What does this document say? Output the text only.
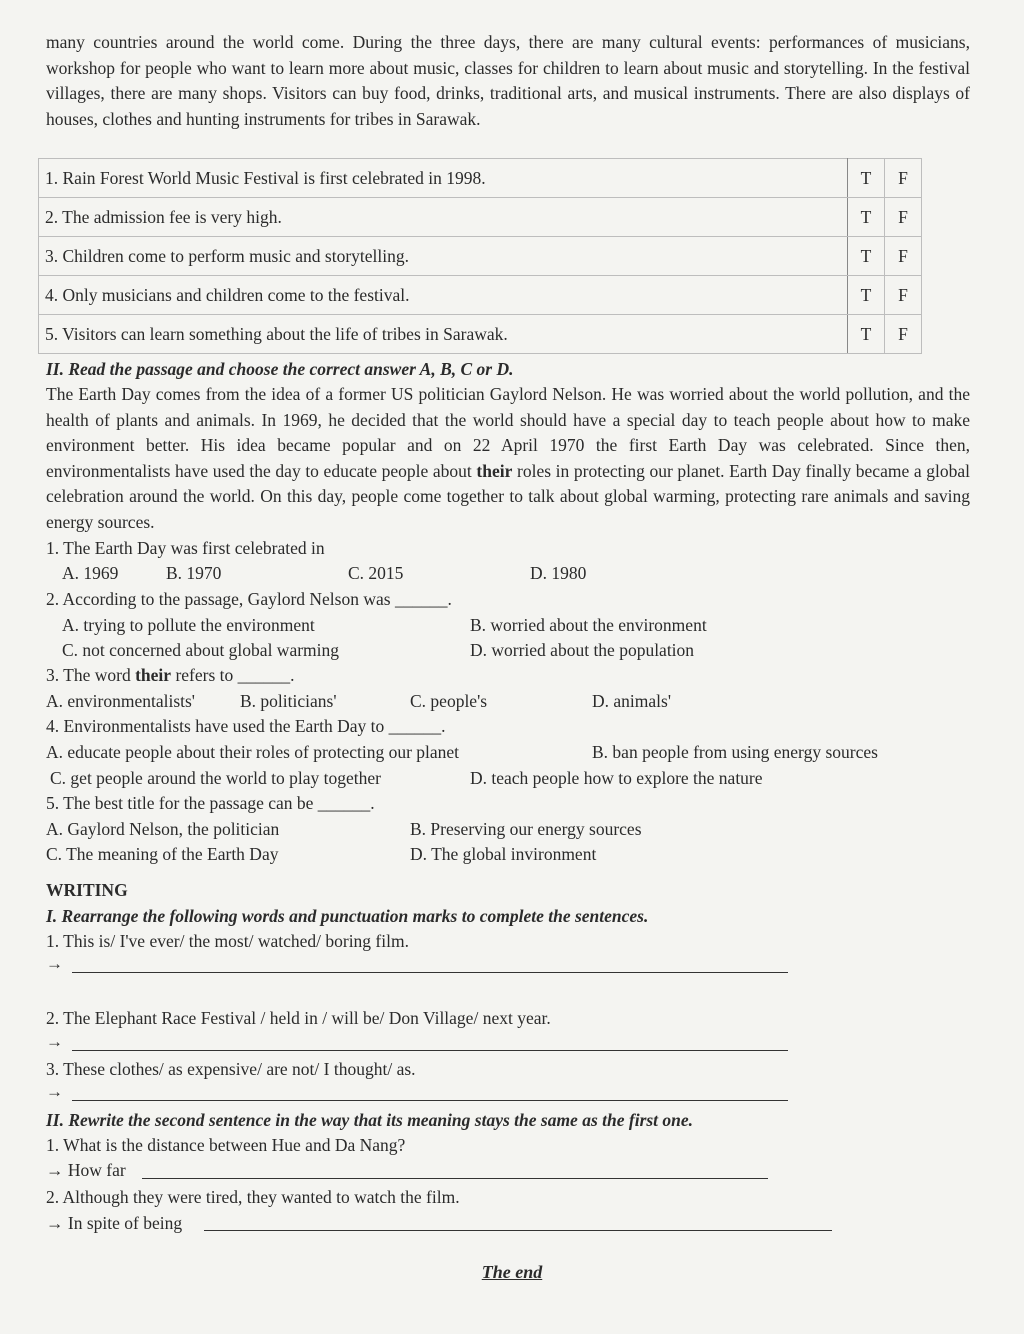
many countries around the world come. During the three days, there are many cultural events: performances of musicians, workshop for people who want to learn more about music, classes for children to learn about music and storytelling. In the festival villages, there are many shops. Visitors can buy food, drinks, traditional arts, and musical instruments. There are also displays of houses, clothes and hunting instruments for tribes in Sarawak.
1. Rain Forest World Music Festival is first celebrated in 1998.	T	F
2. The admission fee is very high.	T	F
3. Children come to perform music and storytelling.	T	F
4. Only musicians and children come to the festival.	T	F
5. Visitors can learn something about the life of tribes in Sarawak.	T	F
II. Read the passage and choose the correct answer A, B, C or D.
The Earth Day comes from the idea of a former US politician Gaylord Nelson. He was worried about the world pollution, and the health of plants and animals. In 1969, he decided that the world should have a special day to teach people about how to make environment better. His idea became popular and on 22 April 1970 the first Earth Day was celebrated. Since then, environmentalists have used the day to educate people about their roles in protecting our planet. Earth Day finally became a global celebration around the world. On this day, people come together to talk about global warming, protecting rare animals and saving energy sources.
1. The Earth Day was first celebrated in
A. 1969	B. 1970	C. 2015	D. 1980
2. According to the passage, Gaylord Nelson was ______.
A. trying to pollute the environment	B. worried about the environment
C. not concerned about global warming	D. worried about the population
3. The word their refers to ______.
A. environmentalists'	B. politicians'	C. people's	D. animals'
4. Environmentalists have used the Earth Day to ______.
A. educate people about their roles of protecting our planet	B. ban people from using energy sources
C. get people around the world to play together	D. teach people how to explore the nature
5. The best title for the passage can be ______.
A. Gaylord Nelson, the politician	B. Preserving our energy sources
C. The meaning of the Earth Day	D. The global invironment
WRITING
I. Rearrange the following words and punctuation marks to complete the sentences.
1. This is/ I've ever/ the most/ watched/ boring film.
→
2. The Elephant Race Festival / held in / will be/ Don Village/ next year.
→
3. These clothes/ as expensive/ are not/ I thought/ as.
→
II. Rewrite the second sentence in the way that its meaning stays the same as the first one.
1. What is the distance between Hue and Da Nang?
→ How far
2. Although they were tired, they wanted to watch the film.
→ In spite of being
The end
